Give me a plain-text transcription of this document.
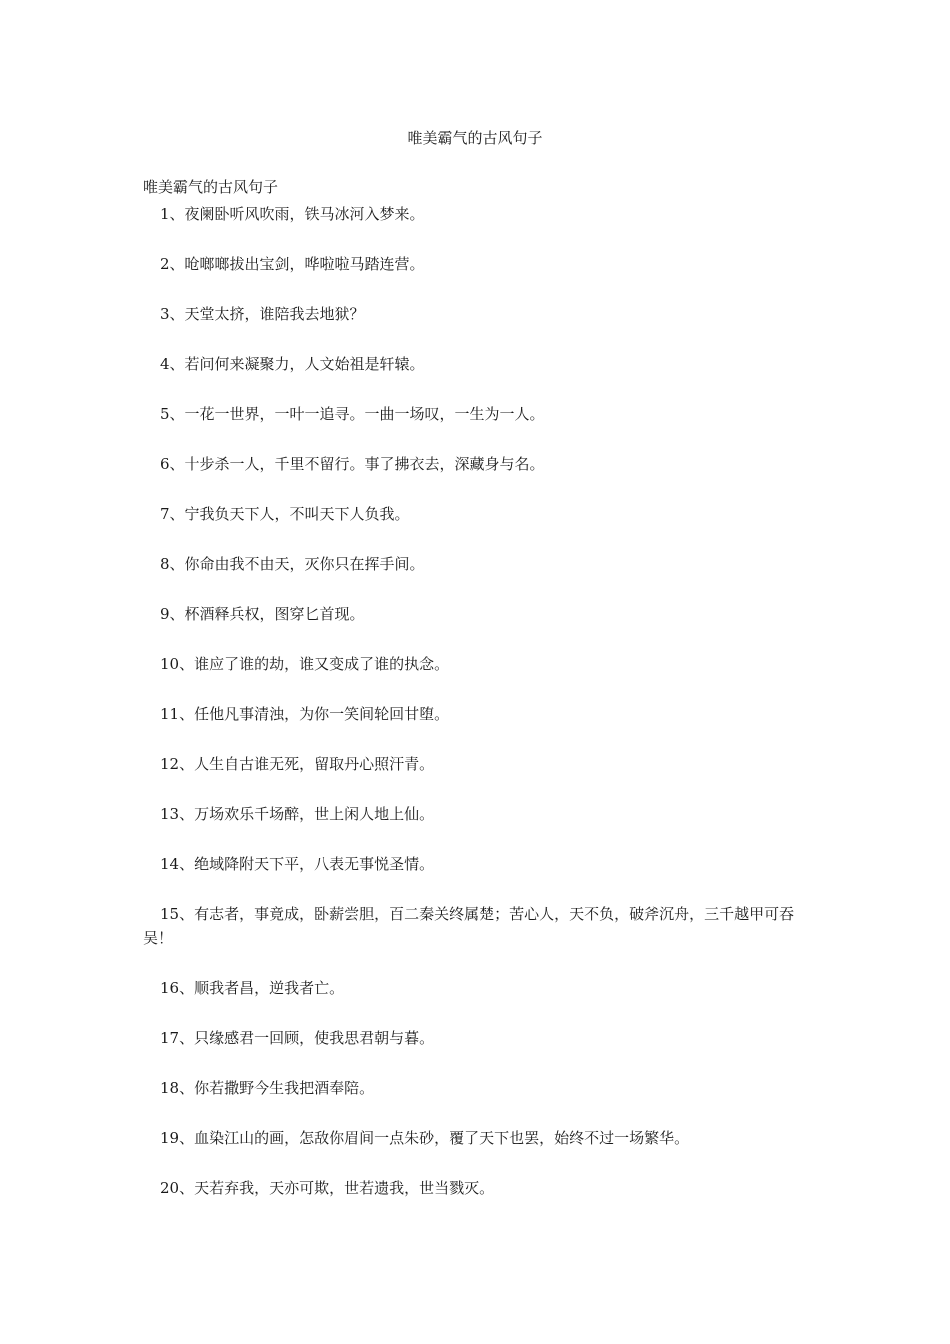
唯美霸气的古风句子
唯美霸气的古风句子
1、夜阑卧听风吹雨，铁马冰河入梦来。
2、呛啷啷拔出宝剑，哗啦啦马踏连营。
3、天堂太挤，谁陪我去地狱？
4、若问何来凝聚力，人文始祖是轩辕。
5、一花一世界，一叶一追寻。一曲一场叹，一生为一人。
6、十步杀一人，千里不留行。事了拂衣去，深藏身与名。
7、宁我负天下人，不叫天下人负我。
8、你命由我不由天，灭你只在挥手间。
9、杯酒释兵权，图穿匕首现。
10、谁应了谁的劫，谁又变成了谁的执念。
11、任他凡事清浊，为你一笑间轮回甘堕。
12、人生自古谁无死，留取丹心照汗青。
13、万场欢乐千场醉，世上闲人地上仙。
14、绝域降附天下平，八表无事悦圣情。
15、有志者，事竟成，卧薪尝胆，百二秦关终属楚；苦心人，天不负，破斧沉舟，三千越甲可吞吴！
16、顺我者昌，逆我者亡。
17、只缘感君一回顾，使我思君朝与暮。
18、你若撒野今生我把酒奉陪。
19、血染江山的画，怎敌你眉间一点朱砂，覆了天下也罢，始终不过一场繁华。
20、天若弃我，天亦可欺，世若遗我，世当戮灭。
